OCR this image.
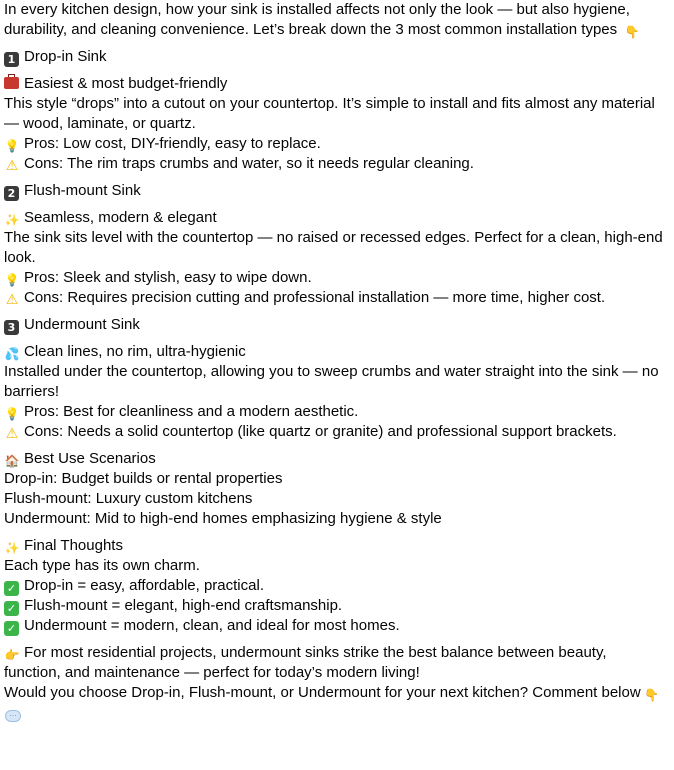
In every kitchen design, how your sink is installed affects not only the look — but also hygiene, durability, and cleaning convenience. Let’s break down the 3 most common installation types 👇

1 Drop-in Sink

Easiest & most budget-friendly

This style “drops” into a cutout on your countertop. It’s simple to install and fits almost any material — wood, laminate, or quartz.

💡 Pros: Low cost, DIY-friendly, easy to replace.

⚠ Cons: The rim traps crumbs and water, so it needs regular cleaning.

2 Flush-mount Sink

✨ Seamless, modern & elegant

The sink sits level with the countertop — no raised or recessed edges. Perfect for a clean, high-end look.

💡 Pros: Sleek and stylish, easy to wipe down.

⚠ Cons: Requires precision cutting and professional installation — more time, higher cost.

3 Undermount Sink

💦 Clean lines, no rim, ultra-hygienic

Installed under the countertop, allowing you to sweep crumbs and water straight into the sink — no barriers!

💡 Pros: Best for cleanliness and a modern aesthetic.

⚠ Cons: Needs a solid countertop (like quartz or granite) and professional support brackets.

🏠 Best Use Scenarios

Drop-in: Budget builds or rental properties

Flush-mount: Luxury custom kitchens

Undermount: Mid to high-end homes emphasizing hygiene & style

✨ Final Thoughts

Each type has its own charm.

✓ Drop-in = easy, affordable, practical.

✓ Flush-mount = elegant, high-end craftsmanship.

✓ Undermount = modern, clean, and ideal for most homes.

👉 For most residential projects, undermount sinks strike the best balance between beauty, function, and maintenance — perfect for today’s modern living!

Would you choose Drop-in, Flush-mount, or Undermount for your next kitchen? Comment below 👇···
